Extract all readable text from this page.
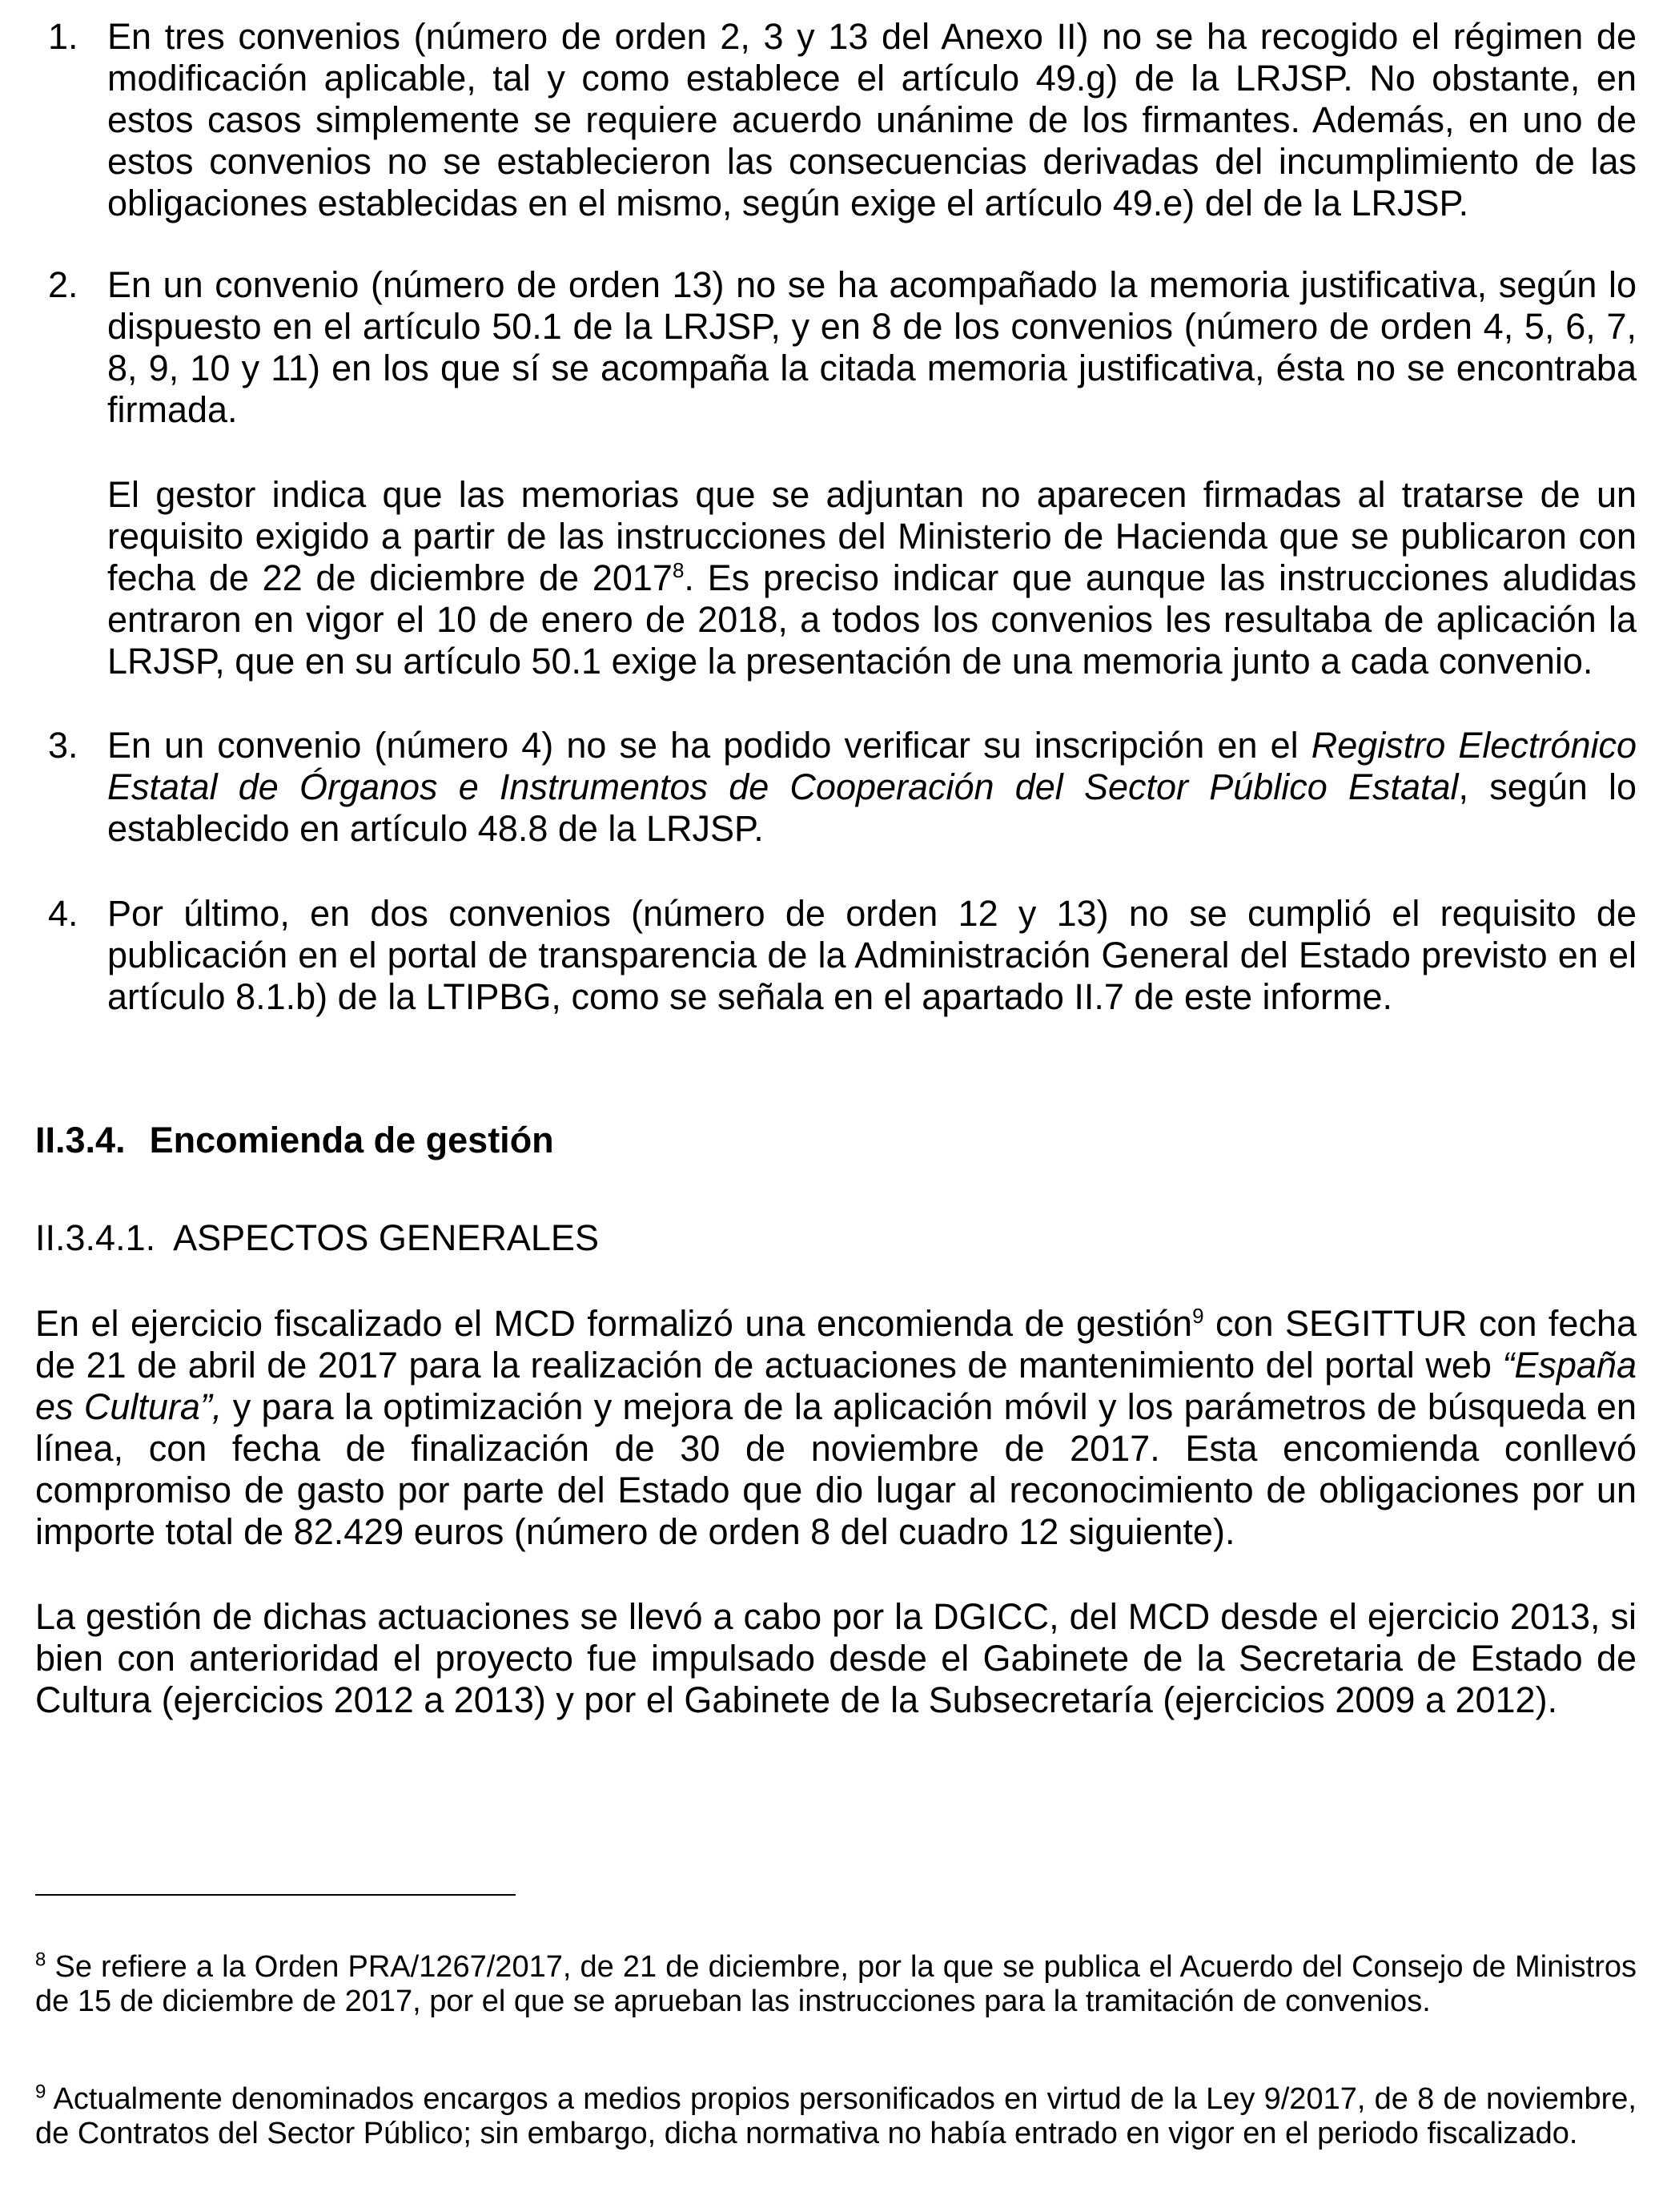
1. En tres convenios (número de orden 2, 3 y 13 del Anexo II) no se ha recogido el régimen de modificación aplicable, tal y como establece el artículo 49.g) de la LRJSP. No obstante, en estos casos simplemente se requiere acuerdo unánime de los firmantes. Además, en uno de estos convenios no se establecieron las consecuencias derivadas del incumplimiento de las obligaciones establecidas en el mismo, según exige el artículo 49.e) del de la LRJSP.

2. En un convenio (número de orden 13) no se ha acompañado la memoria justificativa, según lo dispuesto en el artículo 50.1 de la LRJSP, y en 8 de los convenios (número de orden 4, 5, 6, 7, 8, 9, 10 y 11) en los que sí se acompaña la citada memoria justificativa, ésta no se encontraba firmada.

El gestor indica que las memorias que se adjuntan no aparecen firmadas al tratarse de un requisito exigido a partir de las instrucciones del Ministerio de Hacienda que se publicaron con fecha de 22 de diciembre de 2017$^8$. Es preciso indicar que aunque las instrucciones aludidas entraron en vigor el 10 de enero de 2018, a todos los convenios les resultaba de aplicación la LRJSP, que en su artículo 50.1 exige la presentación de una memoria junto a cada convenio.

3. En un convenio (número 4) no se ha podido verificar su inscripción en el Registro Electrónico Estatal de Órganos e Instrumentos de Cooperación del Sector Público Estatal, según lo establecido en artículo 48.8 de la LRJSP.

4. Por último, en dos convenios (número de orden 12 y 13) no se cumplió el requisito de publicación en el portal de transparencia de la Administración General del Estado previsto en el artículo 8.1.b) de la LTIPBG, como se señala en el apartado II.7 de este informe.

II.3.4. Encomienda de gestión
II.3.4.1. ASPECTOS GENERALES

En el ejercicio fiscalizado el MCD formalizó una encomienda de gestión$^9$ con SEGITTUR con fecha de 21 de abril de 2017 para la realización de actuaciones de mantenimiento del portal web “España es Cultura”, y para la optimización y mejora de la aplicación móvil y los parámetros de búsqueda en línea, con fecha de finalización de 30 de noviembre de 2017. Esta encomienda conllevó compromiso de gasto por parte del Estado que dio lugar al reconocimiento de obligaciones por un importe total de 82.429 euros (número de orden 8 del cuadro 12 siguiente).

La gestión de dichas actuaciones se llevó a cabo por la DGICC, del MCD desde el ejercicio 2013, si bien con anterioridad el proyecto fue impulsado desde el Gabinete de la Secretaria de Estado de Cultura (ejercicios 2012 a 2013) y por el Gabinete de la Subsecretaría (ejercicios 2009 a 2012).

$^8$ Se refiere a la Orden PRA/1267/2017, de 21 de diciembre, por la que se publica el Acuerdo del Consejo de Ministros de 15 de diciembre de 2017, por el que se aprueban las instrucciones para la tramitación de convenios.

$^9$ Actualmente denominados encargos a medios propios personificados en virtud de la Ley 9/2017, de 8 de noviembre, de Contratos del Sector Público; sin embargo, dicha normativa no había entrado en vigor en el periodo fiscalizado.
